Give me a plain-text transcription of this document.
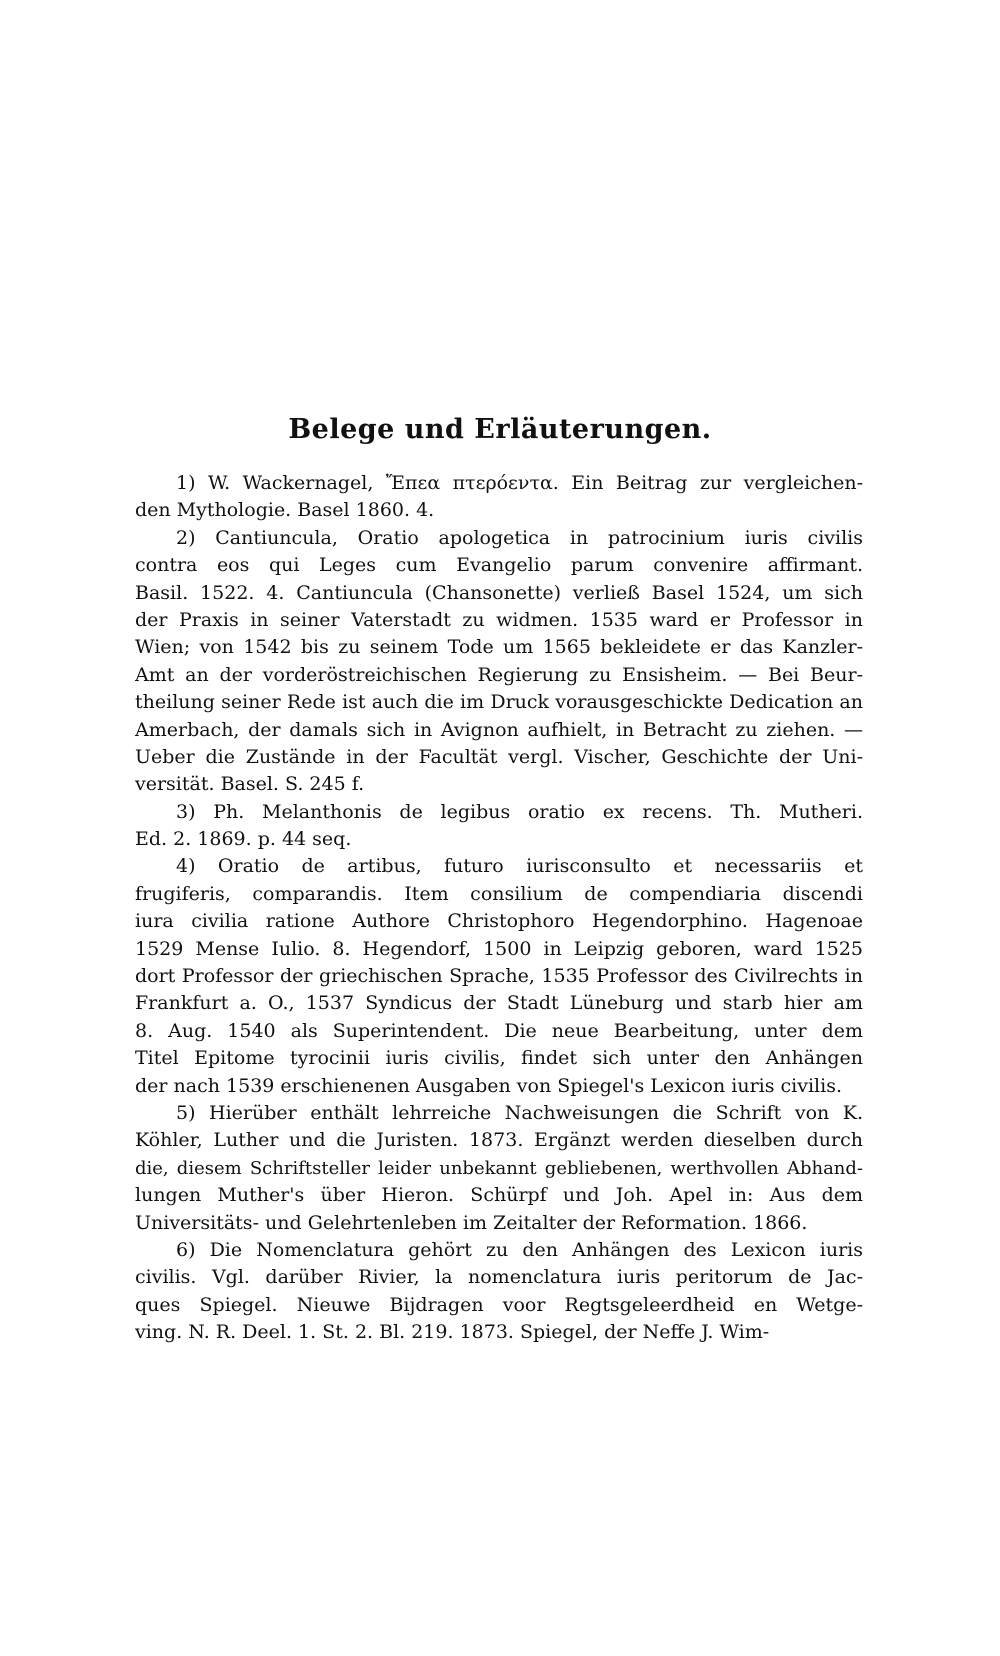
Belege und Erläuterungen.
1) W. Wackernagel, Ἔπεα πτερόεντα. Ein Beitrag zur vergleichen-
den Mythologie. Basel 1860. 4.
2) Cantiuncula, Oratio apologetica in patrocinium iuris civilis
contra eos qui Leges cum Evangelio parum convenire affirmant.
Basil. 1522. 4. Cantiuncula (Chansonette) verließ Basel 1524, um sich
der Praxis in seiner Vaterstadt zu widmen. 1535 ward er Professor in
Wien; von 1542 bis zu seinem Tode um 1565 bekleidete er das Kanzler-
Amt an der vorderöstreichischen Regierung zu Ensisheim. — Bei Beur-
theilung seiner Rede ist auch die im Druck vorausgeschickte Dedication an
Amerbach, der damals sich in Avignon aufhielt, in Betracht zu ziehen. —
Ueber die Zustände in der Facultät vergl. Vischer, Geschichte der Uni-
versität. Basel. S. 245 f.
3) Ph. Melanthonis de legibus oratio ex recens. Th. Mutheri.
Ed. 2. 1869. p. 44 seq.
4) Oratio de artibus, futuro iurisconsulto et necessariis et
frugiferis, comparandis. Item consilium de compendiaria discendi
iura civilia ratione Authore Christophoro Hegendorphino. Hagenoae
1529 Mense Iulio. 8. Hegendorf, 1500 in Leipzig geboren, ward 1525
dort Professor der griechischen Sprache, 1535 Professor des Civilrechts in
Frankfurt a. O., 1537 Syndicus der Stadt Lüneburg und starb hier am
8. Aug. 1540 als Superintendent. Die neue Bearbeitung, unter dem
Titel Epitome tyrocinii iuris civilis, findet sich unter den Anhängen
der nach 1539 erschienenen Ausgaben von Spiegel's Lexicon iuris civilis.
5) Hierüber enthält lehrreiche Nachweisungen die Schrift von K.
Köhler, Luther und die Juristen. 1873. Ergänzt werden dieselben durch
die, diesem Schriftsteller leider unbekannt gebliebenen, werthvollen Abhand-
lungen Muther's über Hieron. Schürpf und Joh. Apel in: Aus dem
Universitäts- und Gelehrtenleben im Zeitalter der Reformation. 1866.
6) Die Nomenclatura gehört zu den Anhängen des Lexicon iuris
civilis. Vgl. darüber Rivier, la nomenclatura iuris peritorum de Jac-
ques Spiegel. Nieuwe Bijdragen voor Regtsgeleerdheid en Wetge-
ving. N. R. Deel. 1. St. 2. Bl. 219. 1873. Spiegel, der Neffe J. Wim-
